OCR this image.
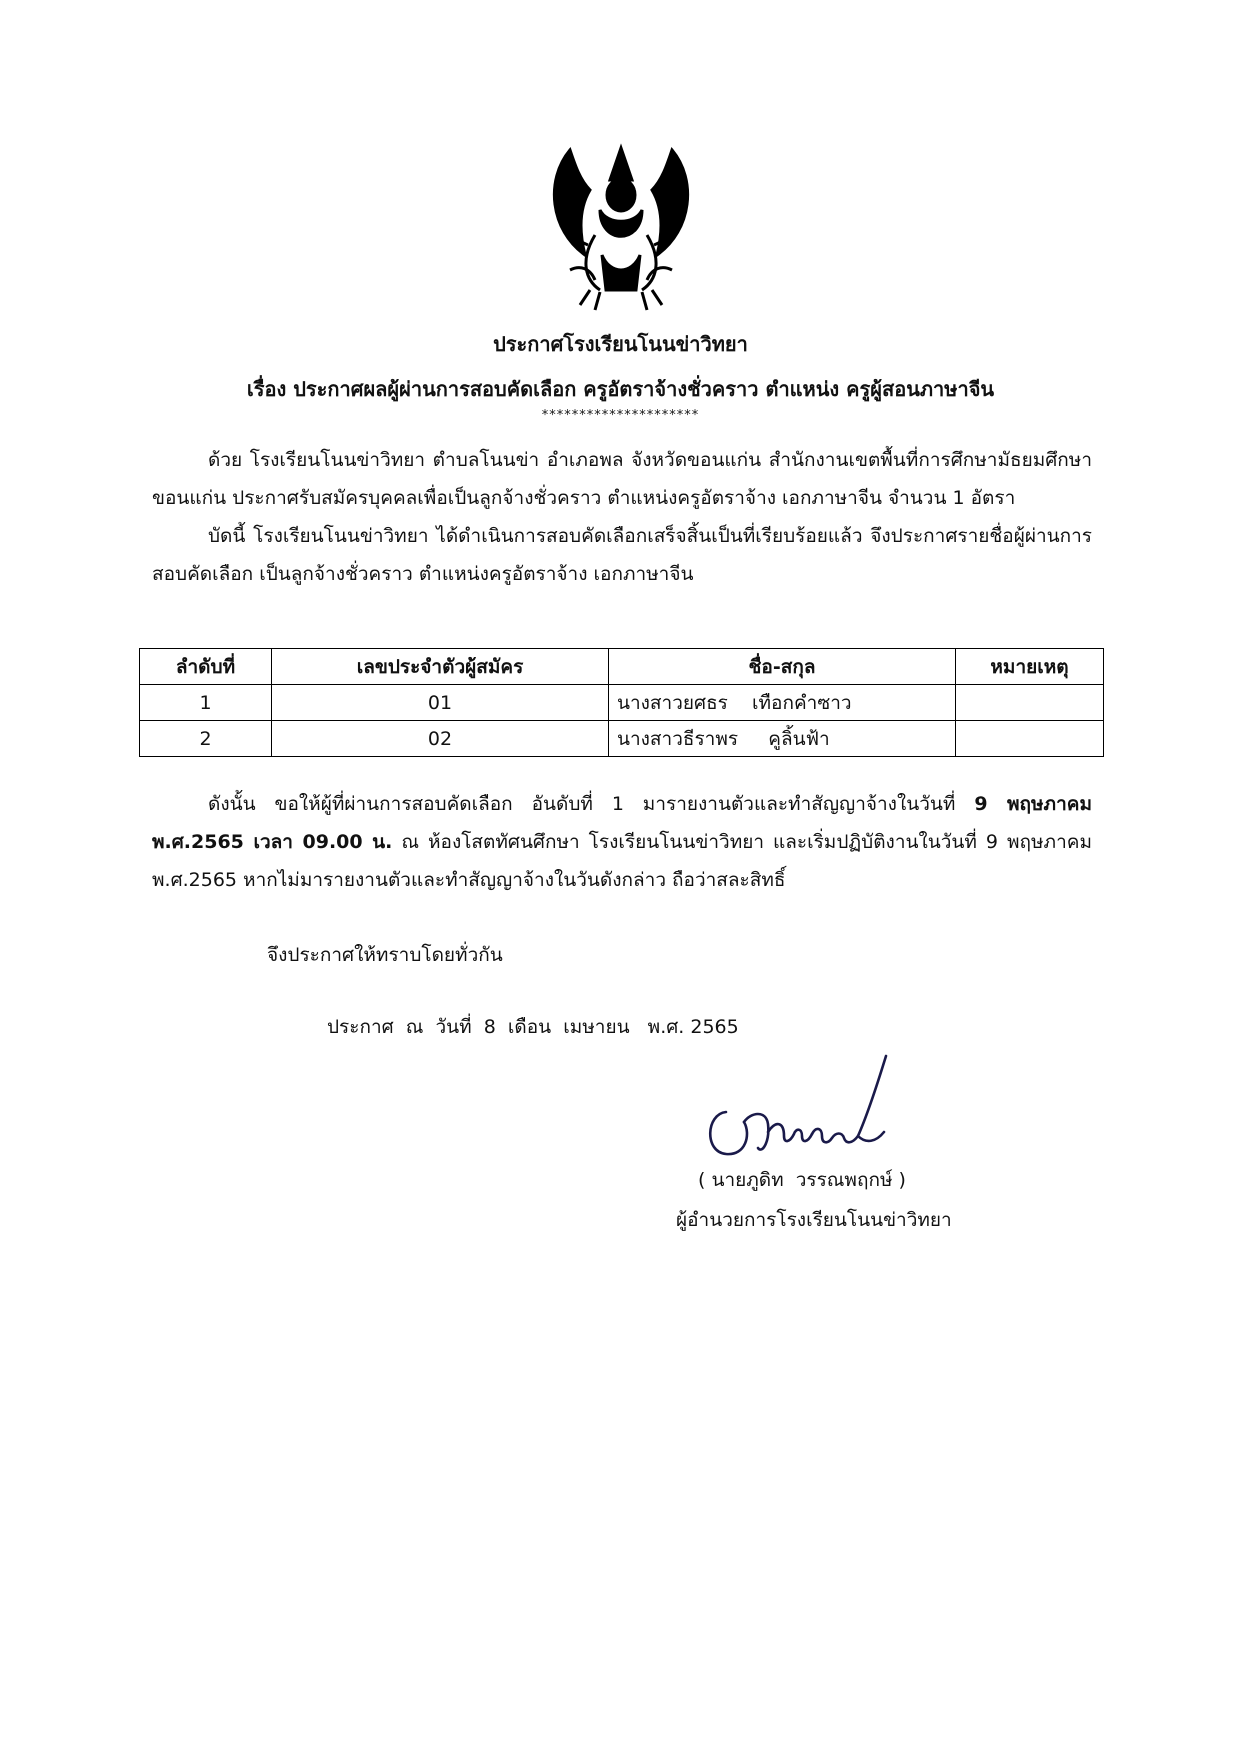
ประกาศโรงเรียนโนนข่าวิทยา
เรื่อง ประกาศผลผู้ผ่านการสอบคัดเลือก ครูอัตราจ้างชั่วคราว ตำแหน่ง ครูผู้สอนภาษาจีน
*********************

ด้วย โรงเรียนโนนข่าวิทยา ตำบลโนนข่า อำเภอพล จังหวัดขอนแก่น สำนักงานเขตพื้นที่การศึกษามัธยมศึกษาขอนแก่น ประกาศรับสมัครบุคคลเพื่อเป็นลูกจ้างชั่วคราว ตำแหน่งครูอัตราจ้าง เอกภาษาจีน จำนวน 1 อัตรา

บัดนี้ โรงเรียนโนนข่าวิทยา ได้ดำเนินการสอบคัดเลือกเสร็จสิ้นเป็นที่เรียบร้อยแล้ว จึงประกาศรายชื่อผู้ผ่านการสอบคัดเลือก เป็นลูกจ้างชั่วคราว ตำแหน่งครูอัตราจ้าง เอกภาษาจีน

ลำดับที่	เลขประจำตัวผู้สมัคร	ชื่อ-สกุล	หมายเหตุ
1	01	นางสาวยศธร    เทือกคำซาว	
2	02	นางสาวธีราพร     คูลิ้นฟ้า	

ดังนั้น ขอให้ผู้ที่ผ่านการสอบคัดเลือก อันดับที่ 1 มารายงานตัวและทำสัญญาจ้างในวันที่ 9 พฤษภาคม พ.ศ.2565 เวลา 09.00 น. ณ ห้องโสตทัศนศึกษา โรงเรียนโนนข่าวิทยา และเริ่มปฏิบัติงานในวันที่ 9 พฤษภาคม พ.ศ.2565 หากไม่มารายงานตัวและทำสัญญาจ้างในวันดังกล่าว ถือว่าสละสิทธิ์

จึงประกาศให้ทราบโดยทั่วกัน
ประกาศ  ณ  วันที่  8  เดือน  เมษายน   พ.ศ. 2565
( นายภูดิท  วรรณพฤกษ์ )
ผู้อำนวยการโรงเรียนโนนข่าวิทยา
